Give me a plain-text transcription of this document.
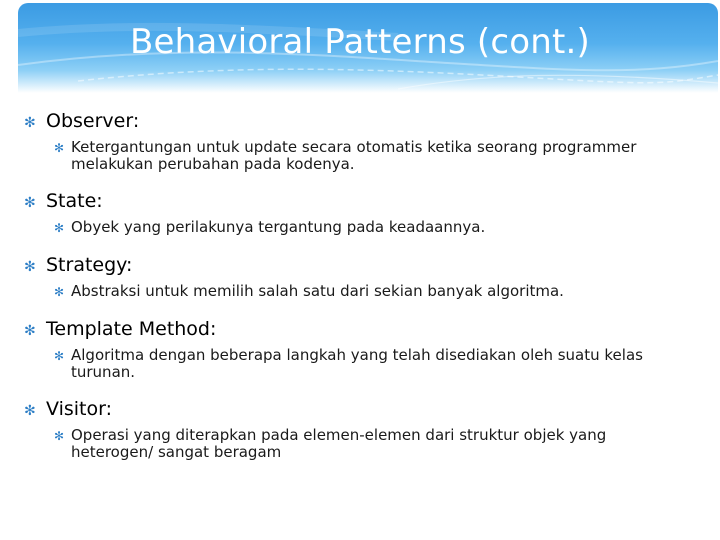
Behavioral Patterns (cont.)
✻ Observer:
✻ Ketergantungan untuk update secara otomatis ketika seorang programmer melakukan perubahan pada kodenya.
✻ State:
✻ Obyek yang perilakunya tergantung pada keadaannya.
✻ Strategy:
✻ Abstraksi untuk memilih salah satu dari sekian banyak algoritma.
✻ Template Method:
✻ Algoritma dengan beberapa langkah yang telah disediakan oleh suatu kelas turunan.
✻ Visitor:
✻ Operasi yang diterapkan pada elemen-elemen dari struktur objek yang heterogen/ sangat beragam
